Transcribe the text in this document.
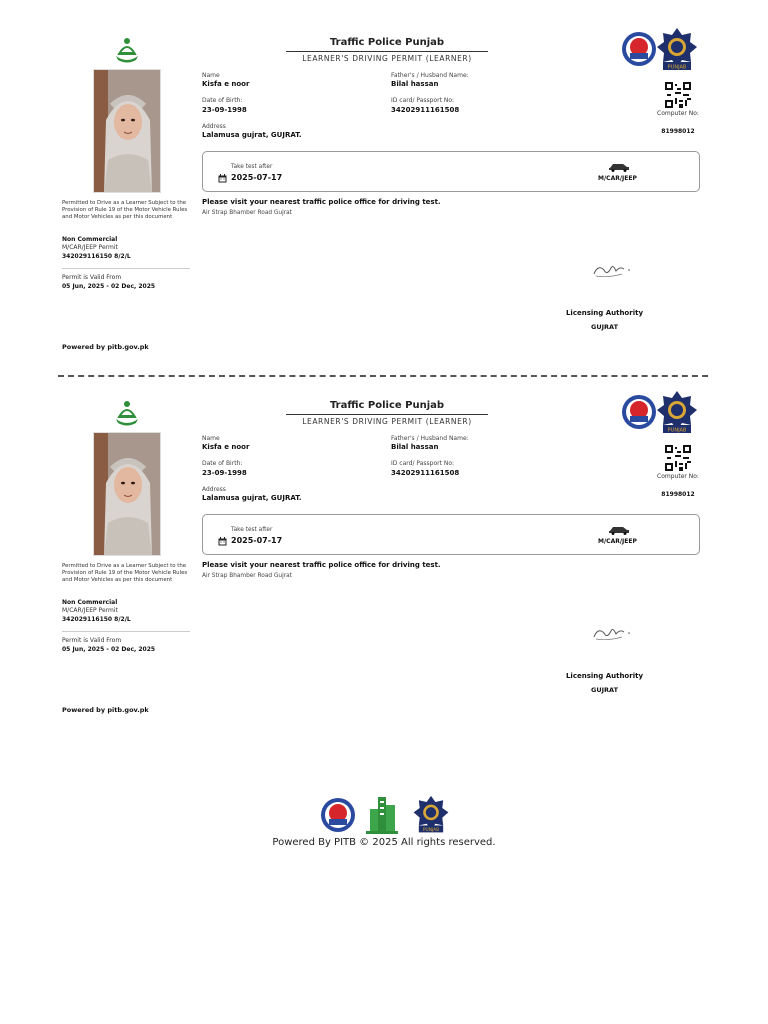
Permitted to Drive as a Learner Subject to the Provision of Rule 19 of the Motor Vehicle Rules and Motor Vehicles as per this document
Non Commercial
M/CAR/JEEP Permit
342029116150 8/2/L
Permit is Valid From
05 Jun, 2025 - 02 Dec, 2025
Traffic Police Punjab
LEARNER'S DRIVING PERMIT (LEARNER)
Name
Kisfa e noor
Father's / Husband Name:
Bilal hassan
Date of Birth:
23-09-1998
ID card/ Passport No:
34202911161508
Address
Lalamusa gujrat, GUJRAT.
Take test after
2025-07-17	M/CAR/JEEP
Please visit your nearest traffic police office for driving test.
Air Strap Bhamber Road Gujrat
PUNJAB
Computer No:
81998012
Licensing Authority
GUJRAT
Powered by pitb.gov.pk
Permitted to Drive as a Learner Subject to the Provision of Rule 19 of the Motor Vehicle Rules and Motor Vehicles as per this document
Non Commercial
M/CAR/JEEP Permit
342029116150 8/2/L
Permit is Valid From
05 Jun, 2025 - 02 Dec, 2025
Traffic Police Punjab
LEARNER'S DRIVING PERMIT (LEARNER)
Name
Kisfa e noor
Father's / Husband Name:
Bilal hassan
Date of Birth:
23-09-1998
ID card/ Passport No:
34202911161508
Address
Lalamusa gujrat, GUJRAT.
Take test after
2025-07-17	M/CAR/JEEP
Please visit your nearest traffic police office for driving test.
Air Strap Bhamber Road Gujrat
PUNJAB
Computer No:
81998012
Licensing Authority
GUJRAT
Powered by pitb.gov.pk
PUNJAB
Powered By PITB © 2025 All rights reserved.
